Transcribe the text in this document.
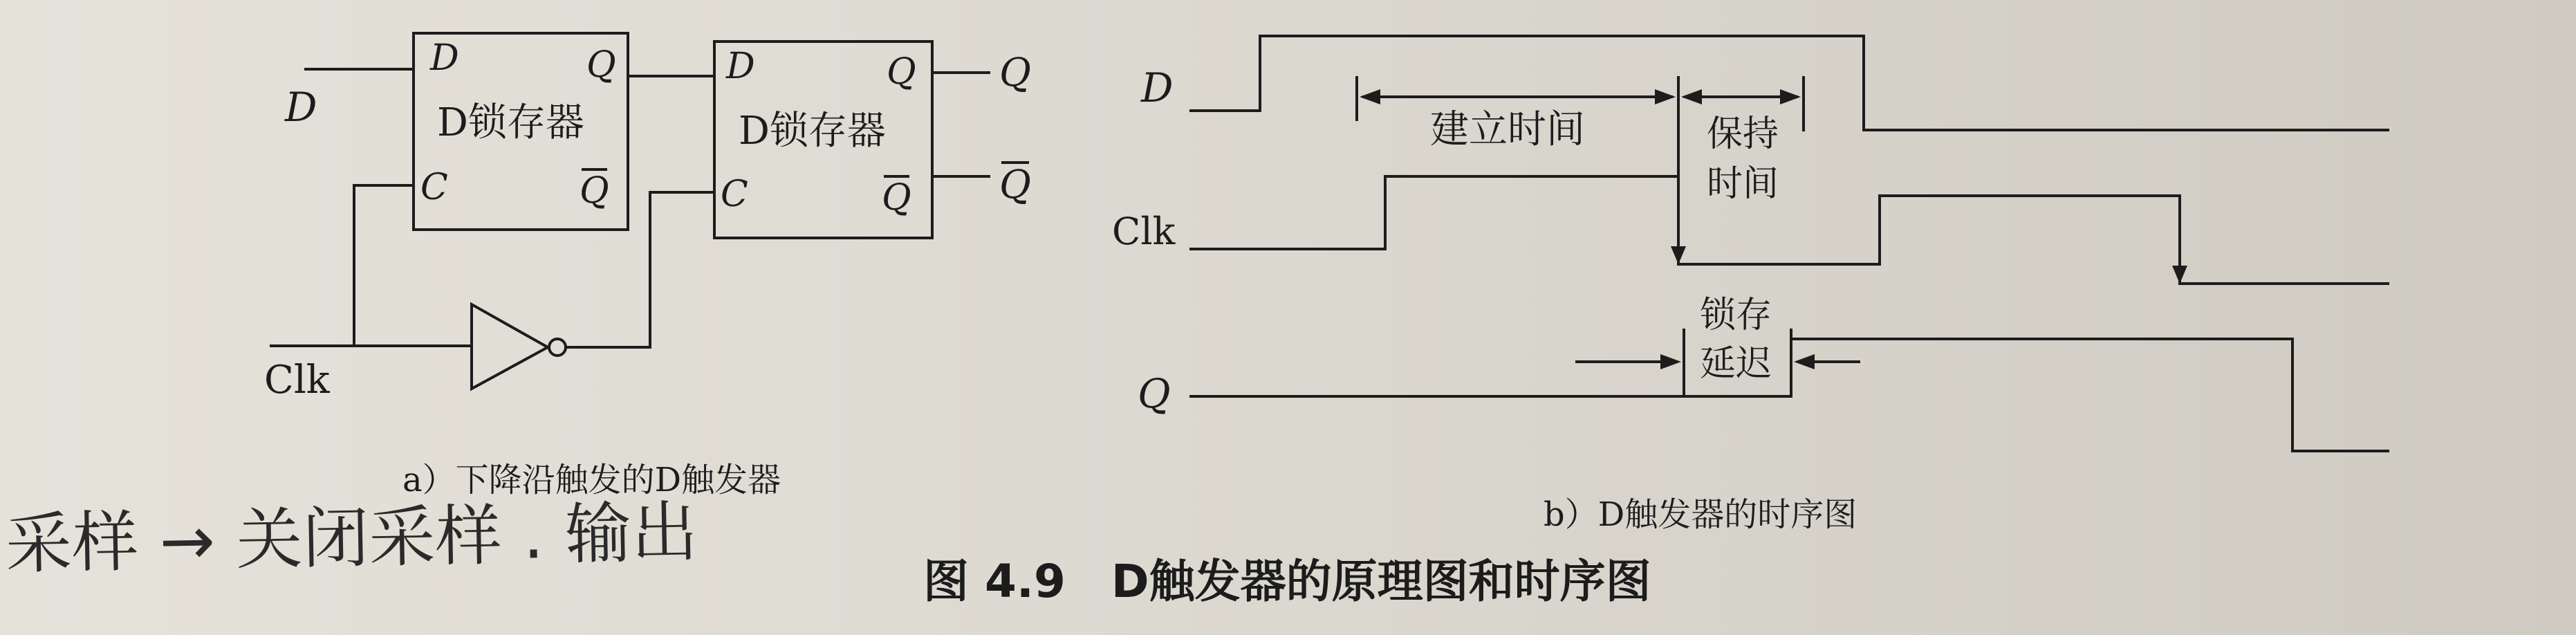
D
Clk
D	Q
D锁存器
C	Q
D	Q
D锁存器
C	Q
Q
Q
a）下降沿触发的D触发器
D
Clk
Q
建立时间	保持
时间
锁存
延迟
b）D触发器的时序图
图 4.9　D触发器的原理图和时序图
采样 → 关闭采样 . 输出
